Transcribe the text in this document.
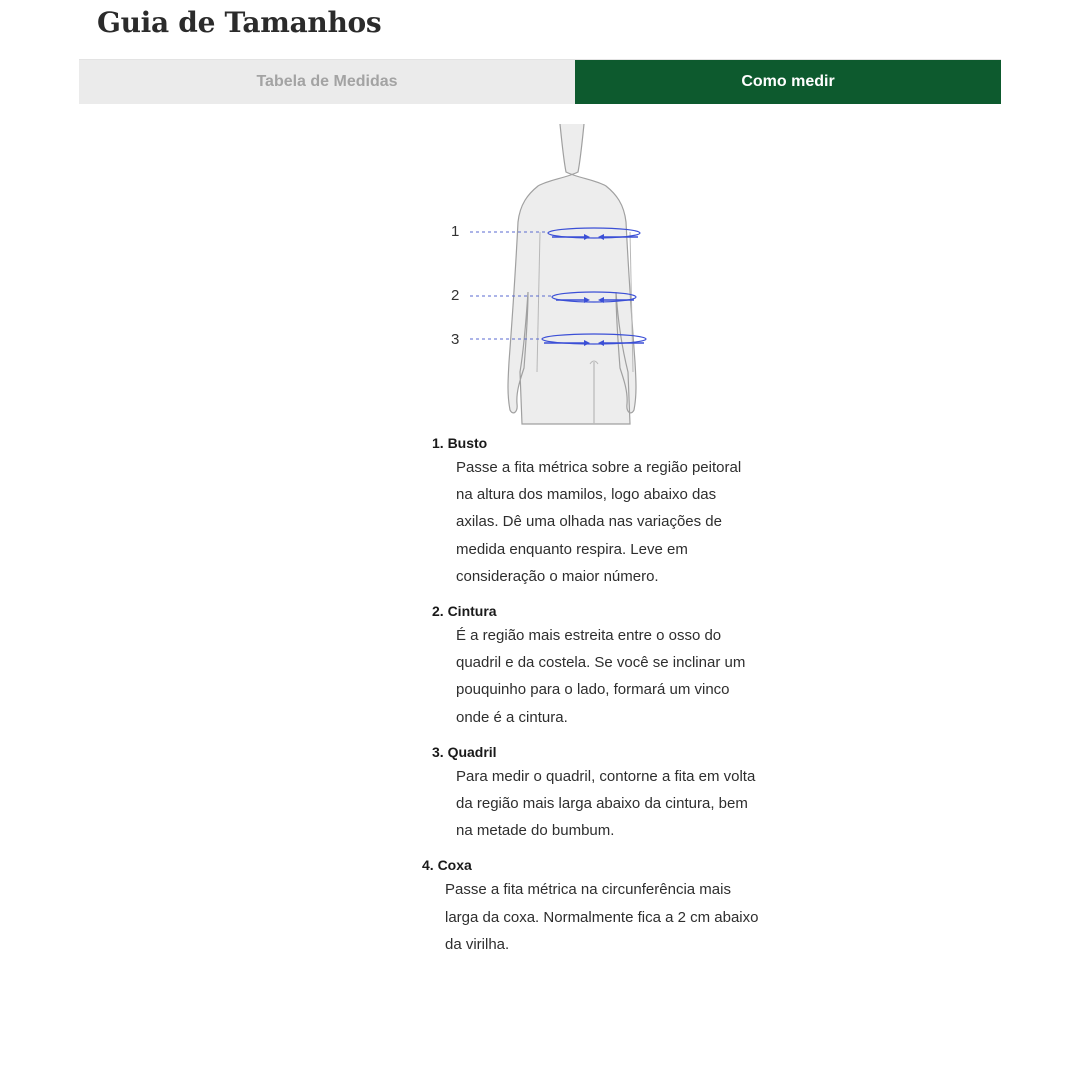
Guia de Tamanhos
Tabela de Medidas	Como medir
1
2
3
1. Busto
Passe a fita métrica sobre a região peitoral na altura dos mamilos, logo abaixo das axilas. Dê uma olhada nas variações de medida enquanto respira. Leve em consideração o maior número.
2. Cintura
É a região mais estreita entre o osso do quadril e da costela. Se você se inclinar um pouquinho para o lado, formará um vinco onde é a cintura.
3. Quadril
Para medir o quadril, contorne a fita em volta da região mais larga abaixo da cintura, bem na metade do bumbum.
4. Coxa
Passe a fita métrica na circunferência mais larga da coxa. Normalmente fica a 2 cm abaixo da virilha.
